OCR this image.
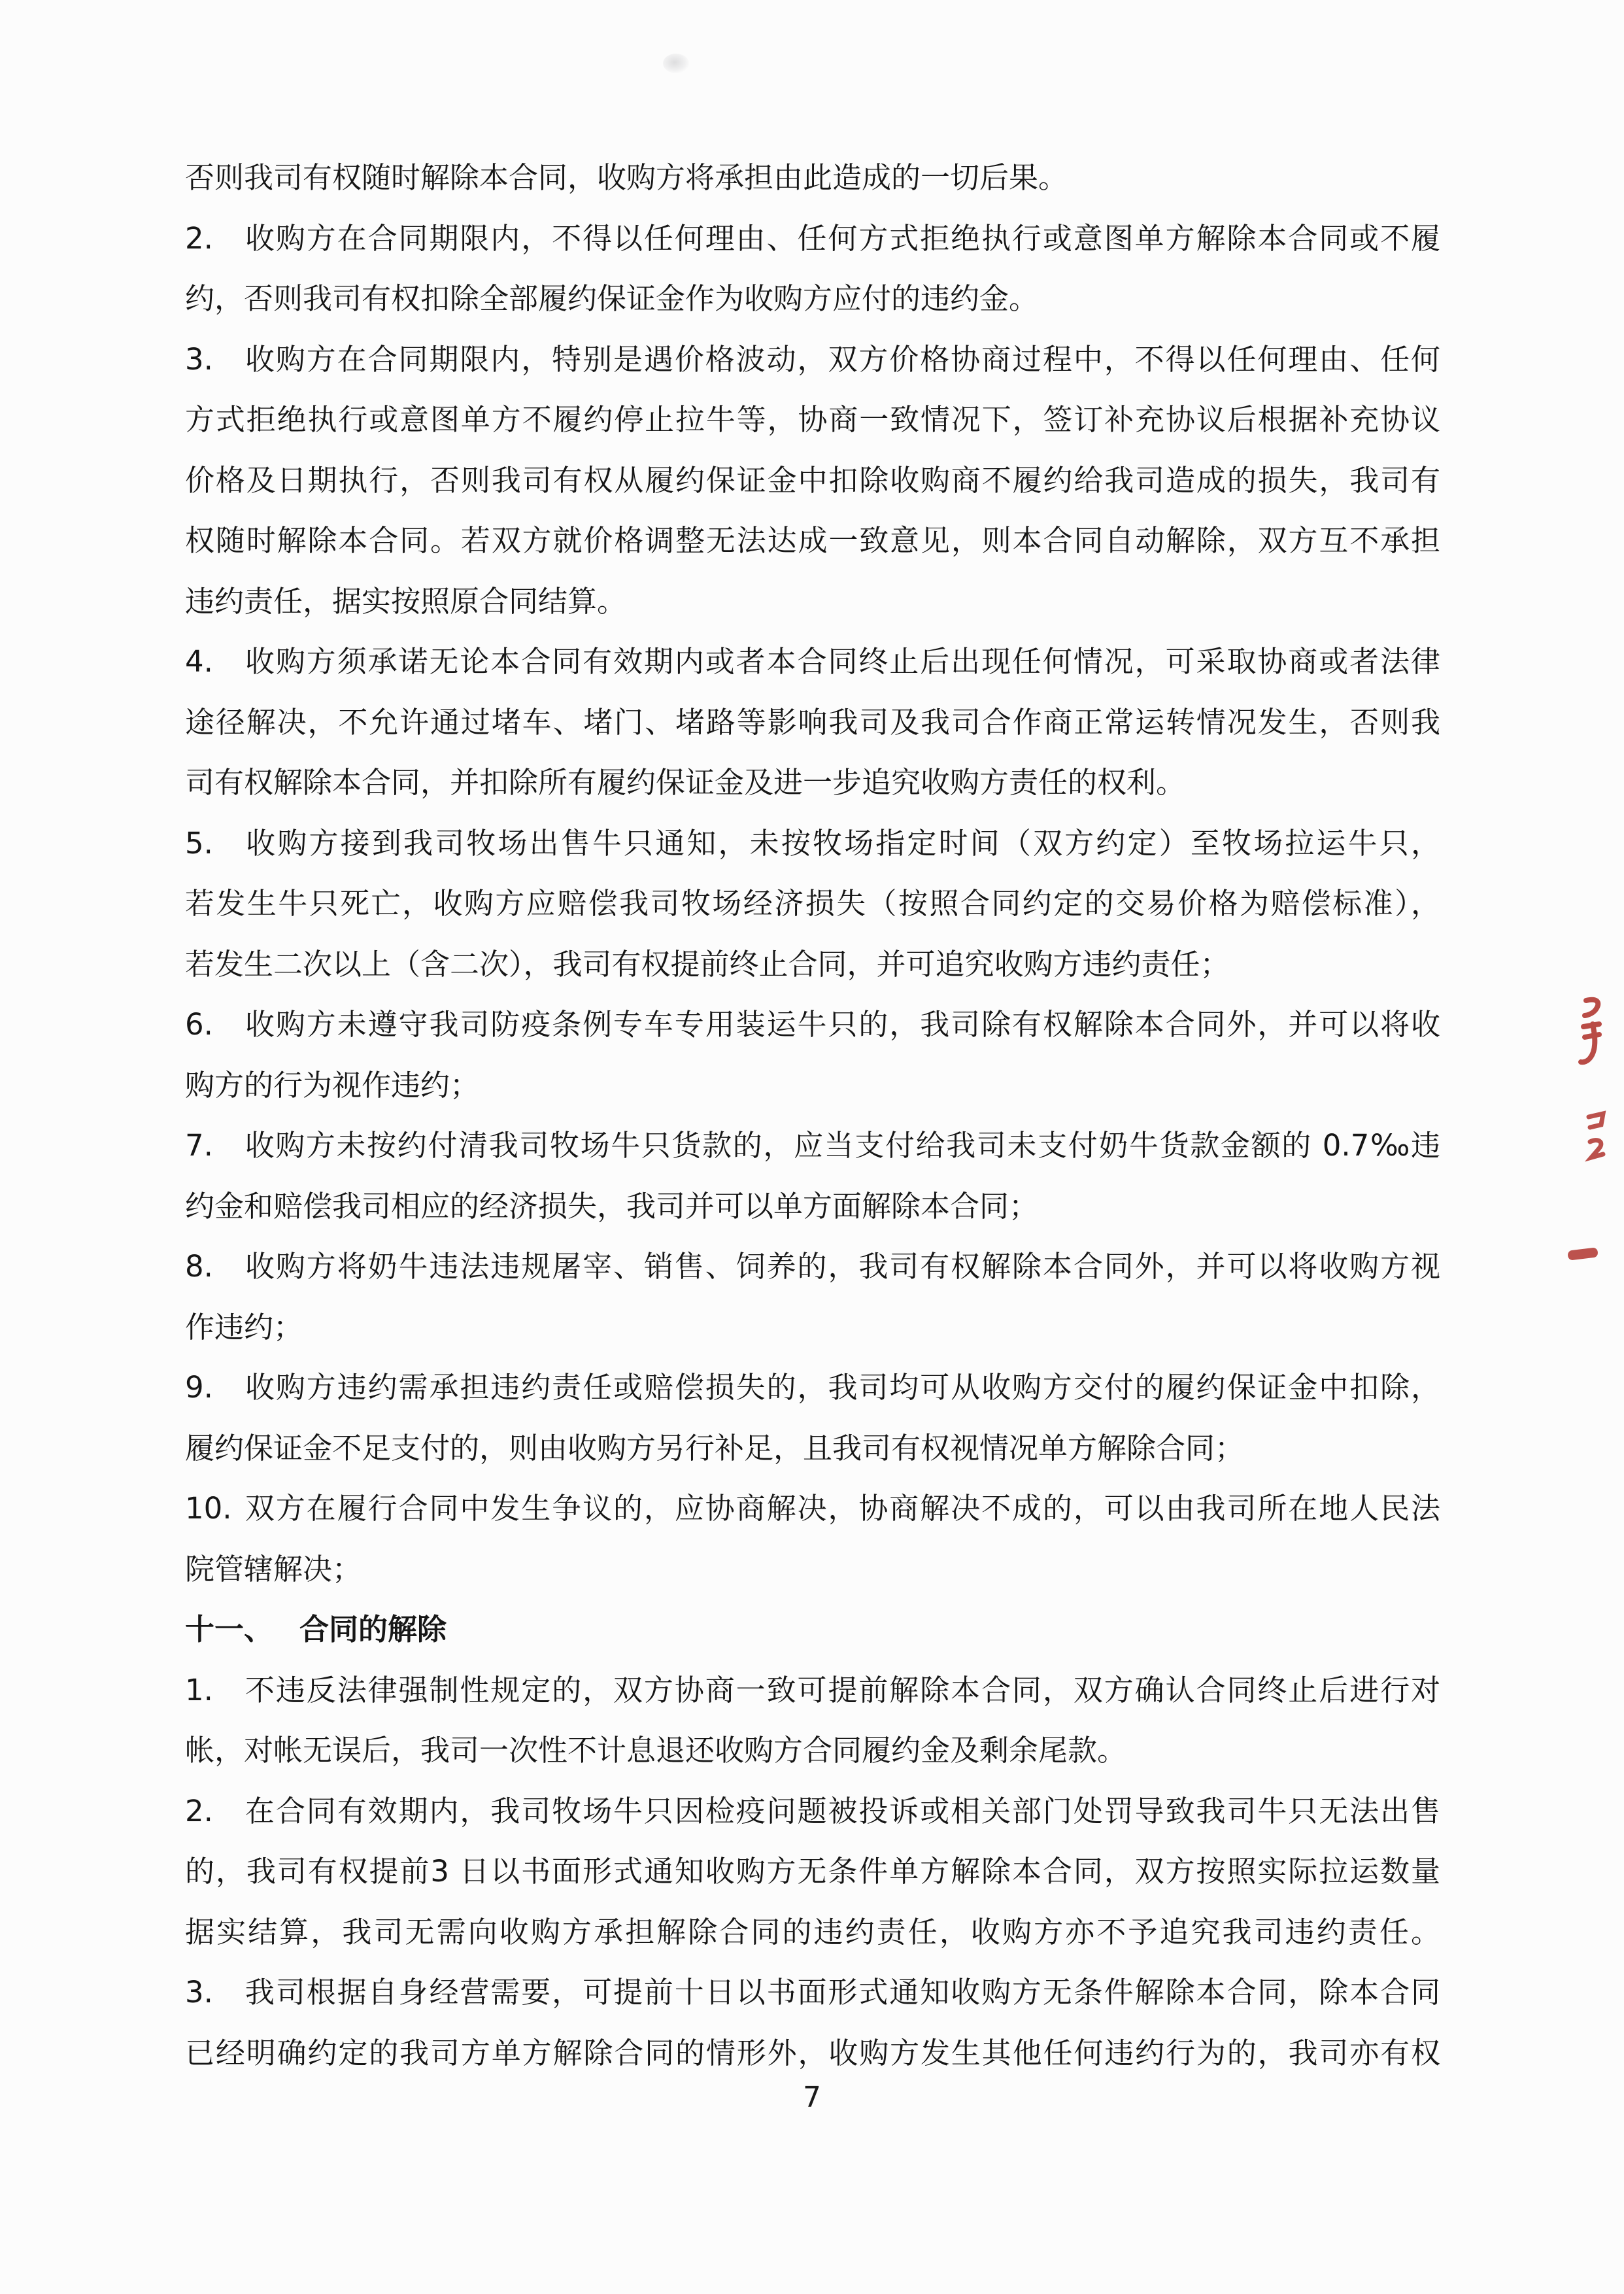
否则我司有权随时解除本合同，收购方将承担由此造成的一切后果。
2. 收购方在合同期限内，不得以任何理由、任何方式拒绝执行或意图单方解除本合同或不履
约，否则我司有权扣除全部履约保证金作为收购方应付的违约金。
3. 收购方在合同期限内，特别是遇价格波动，双方价格协商过程中，不得以任何理由、任何
方式拒绝执行或意图单方不履约停止拉牛等，协商一致情况下，签订补充协议后根据补充协议
价格及日期执行，否则我司有权从履约保证金中扣除收购商不履约给我司造成的损失，我司有
权随时解除本合同。若双方就价格调整无法达成一致意见，则本合同自动解除，双方互不承担
违约责任，据实按照原合同结算。
4. 收购方须承诺无论本合同有效期内或者本合同终止后出现任何情况，可采取协商或者法律
途径解决，不允许通过堵车、堵门、堵路等影响我司及我司合作商正常运转情况发生，否则我
司有权解除本合同，并扣除所有履约保证金及进一步追究收购方责任的权利。
5. 收购方接到我司牧场出售牛只通知，未按牧场指定时间（双方约定）至牧场拉运牛只，
若发生牛只死亡，收购方应赔偿我司牧场经济损失（按照合同约定的交易价格为赔偿标准），
若发生二次以上（含二次），我司有权提前终止合同，并可追究收购方违约责任；
6. 收购方未遵守我司防疫条例专车专用装运牛只的，我司除有权解除本合同外，并可以将收
购方的行为视作违约；
7. 收购方未按约付清我司牧场牛只货款的，应当支付给我司未支付奶牛货款金额的 0.7‰违
约金和赔偿我司相应的经济损失，我司并可以单方面解除本合同；
8. 收购方将奶牛违法违规屠宰、销售、饲养的，我司有权解除本合同外，并可以将收购方视
作违约；
9. 收购方违约需承担违约责任或赔偿损失的，我司均可从收购方交付的履约保证金中扣除，
履约保证金不足支付的，则由收购方另行补足，且我司有权视情况单方解除合同；
10. 双方在履行合同中发生争议的，应协商解决，协商解决不成的，可以由我司所在地人民法
院管辖解决；
十一、 合同的解除
1. 不违反法律强制性规定的，双方协商一致可提前解除本合同，双方确认合同终止后进行对
帐，对帐无误后，我司一次性不计息退还收购方合同履约金及剩余尾款。
2. 在合同有效期内，我司牧场牛只因检疫问题被投诉或相关部门处罚导致我司牛只无法出售
的，我司有权提前3 日以书面形式通知收购方无条件单方解除本合同，双方按照实际拉运数量
据实结算，我司无需向收购方承担解除合同的违约责任，收购方亦不予追究我司违约责任。
3. 我司根据自身经营需要，可提前十日以书面形式通知收购方无条件解除本合同，除本合同
已经明确约定的我司方单方解除合同的情形外，收购方发生其他任何违约行为的，我司亦有权
7
